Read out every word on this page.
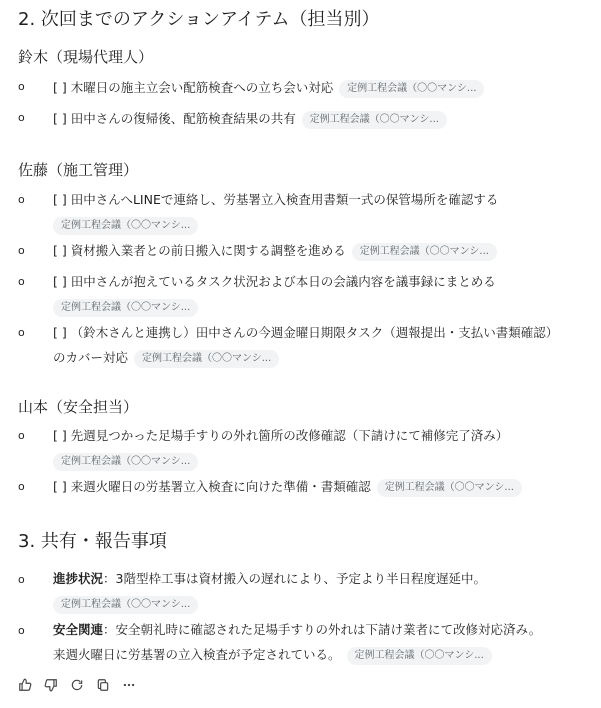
2. 次回までのアクションアイテム（担当別）
鈴木（現場代理人）
o [ ] 木曜日の施主立会い配筋検査への立ち会い対応 定例工程会議（〇〇マンシ...
o [ ] 田中さんの復帰後、配筋検査結果の共有 定例工程会議（〇〇マンシ...
佐藤（施工管理）
o [ ] 田中さんへLINEで連絡し、労基署立入検査用書類一式の保管場所を確認する
定例工程会議（〇〇マンシ...
o [ ] 資材搬入業者との前日搬入に関する調整を進める 定例工程会議（〇〇マンシ...
o [ ] 田中さんが抱えているタスク状況および本日の会議内容を議事録にまとめる
定例工程会議（〇〇マンシ...
o [ ] （鈴木さんと連携し）田中さんの今週金曜日期限タスク（週報提出・支払い書類確認）
のカバー対応 定例工程会議（〇〇マンシ...
山本（安全担当）
o [ ] 先週見つかった足場手すりの外れ箇所の改修確認（下請けにて補修完了済み）
定例工程会議（〇〇マンシ...
o [ ] 来週火曜日の労基署立入検査に向けた準備・書類確認 定例工程会議（〇〇マンシ...
3. 共有・報告事項
o 進捗状況：3階型枠工事は資材搬入の遅れにより、予定より半日程度遅延中。
定例工程会議（〇〇マンシ...
o 安全関連：安全朝礼時に確認された足場手すりの外れは下請け業者にて改修対応済み。
来週火曜日に労基署の立入検査が予定されている。 定例工程会議（〇〇マンシ...
